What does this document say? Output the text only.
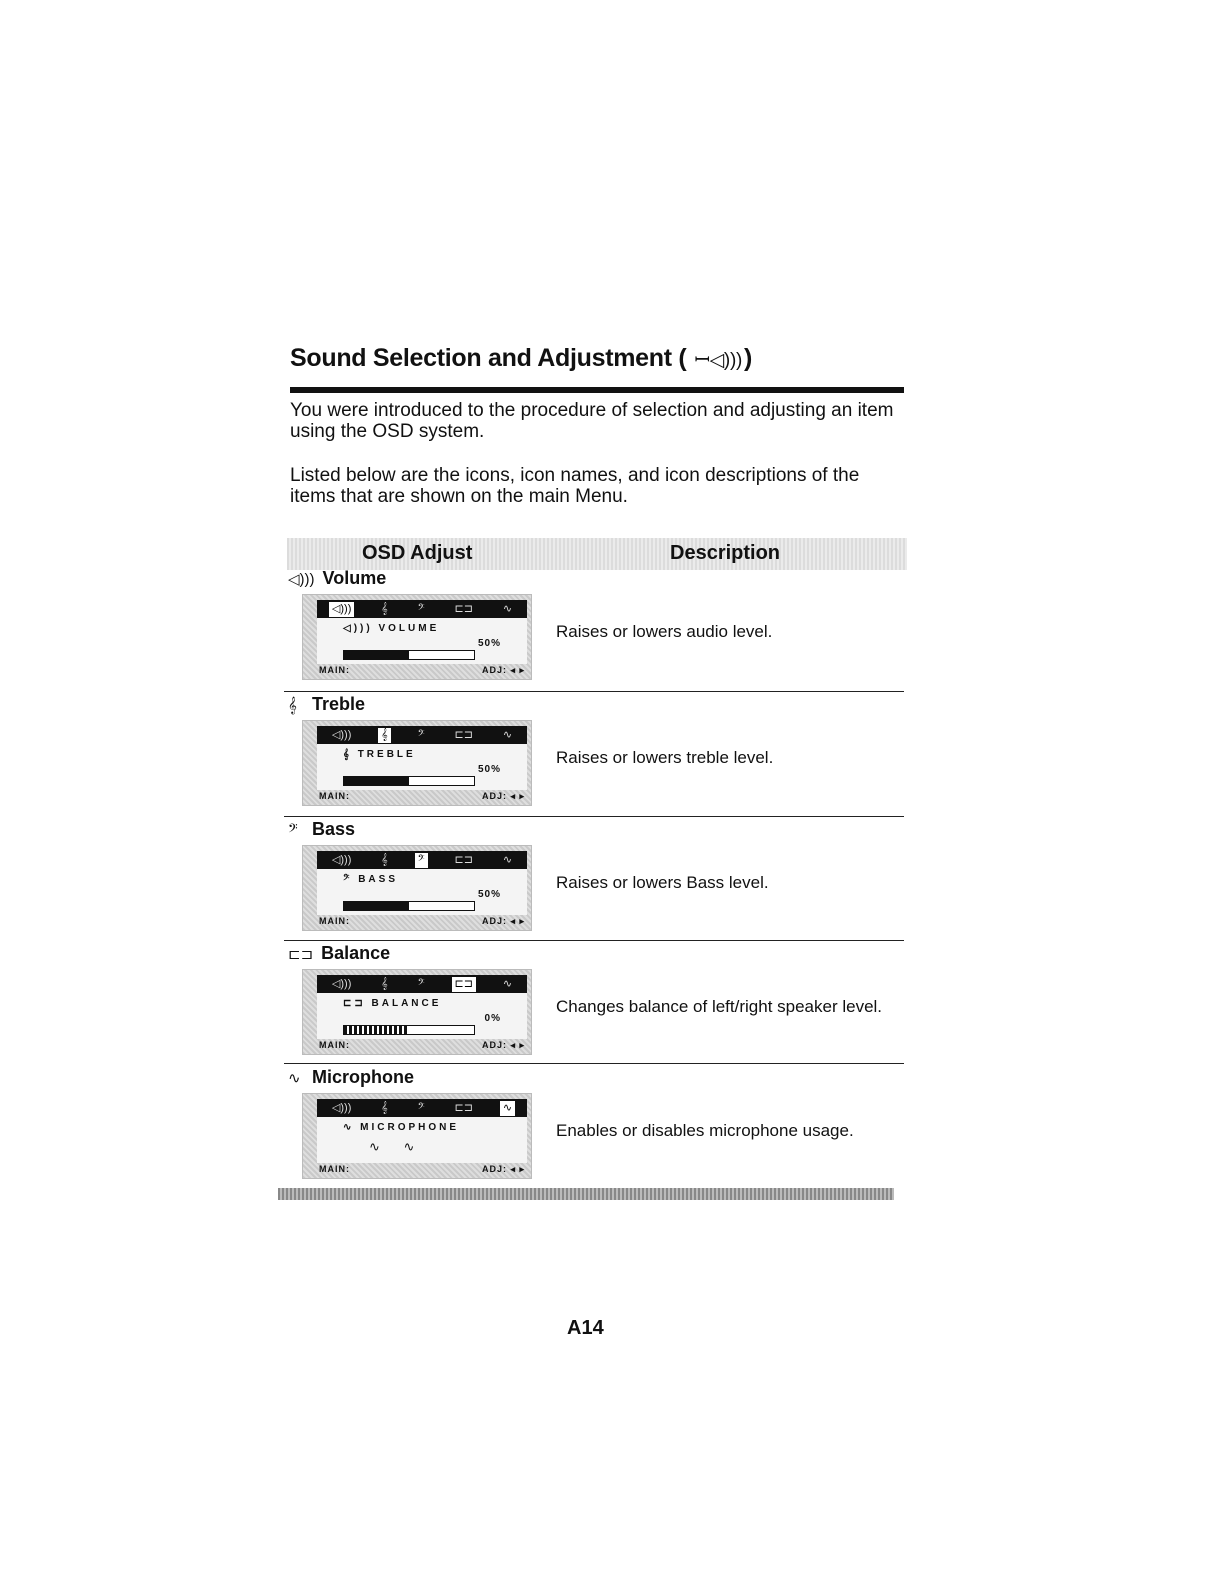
Sound Selection and Adjustment ( ꟷ◁))))
You were introduced to the procedure of selection and adjusting an item using the OSD system.
Listed below are the icons, icon names, and icon descriptions of the items that are shown on the main Menu.
OSD Adjust	Description
◁))) Volume
◁)))	𝄞	𝄢	⊏⊐	∿
◁))) VOLUME
50%
MAIN:	ADJ: ◂ ▸
Raises or lowers audio level.
𝄞 Treble
◁)))	𝄞	𝄢	⊏⊐	∿
𝄞 TREBLE
50%
MAIN:	ADJ: ◂ ▸
Raises or lowers treble level.
𝄢 Bass
◁)))	𝄞	𝄢	⊏⊐	∿
𝄢 BASS
50%
MAIN:	ADJ: ◂ ▸
Raises or lowers Bass level.
⊏⊐ Balance
◁)))	𝄞	𝄢	⊏⊐	∿
⊏⊐ BALANCE
0%
MAIN:	ADJ: ◂ ▸
Changes balance of left/right speaker level.
∿ Microphone
◁)))	𝄞	𝄢	⊏⊐	∿
∿ MICROPHONE
∿ ∿
MAIN:	ADJ: ◂ ▸
Enables or disables microphone usage.
A14
